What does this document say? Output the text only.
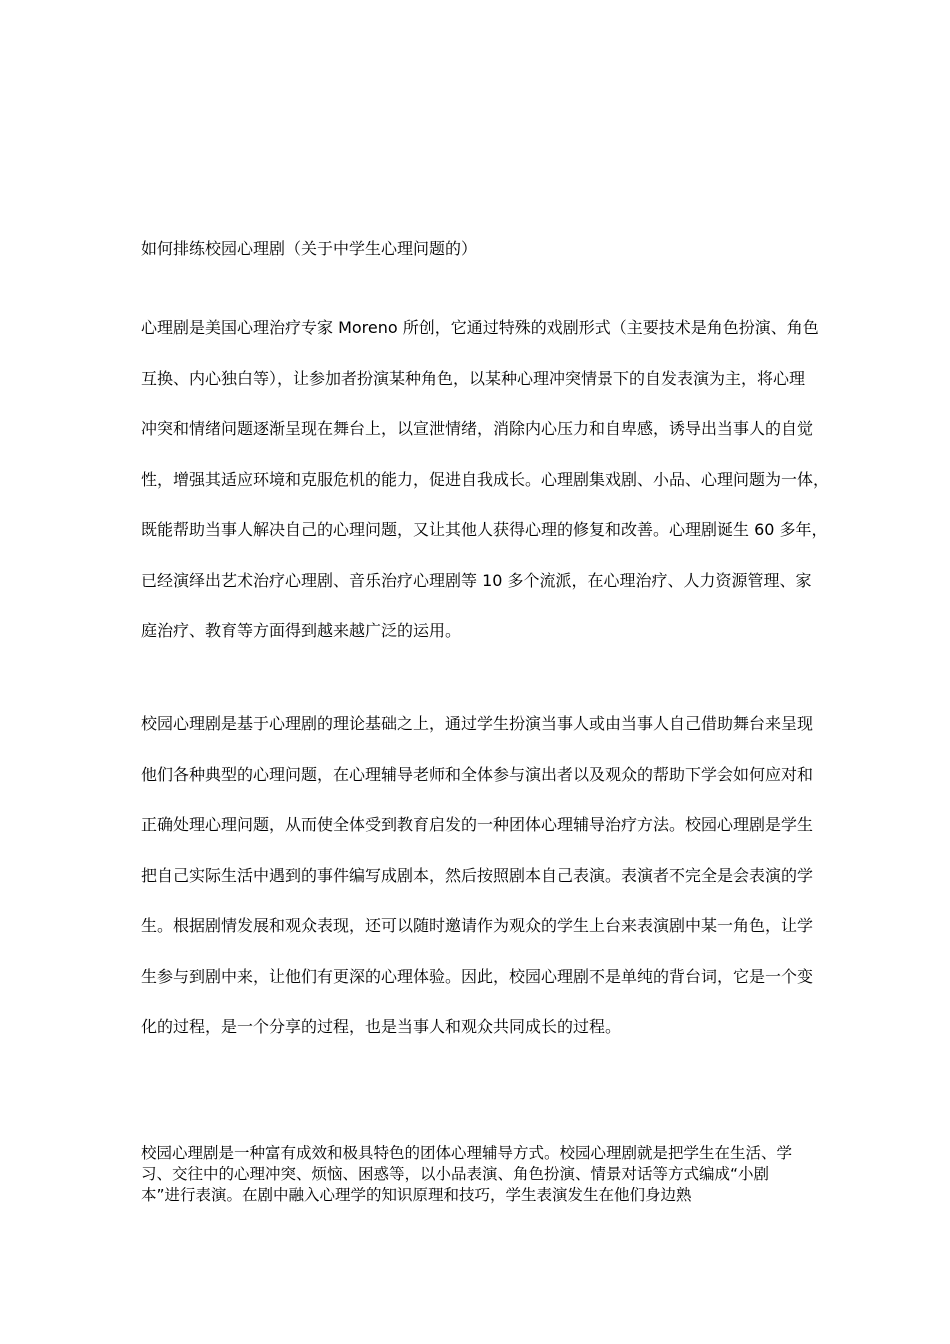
如何排练校园心理剧（关于中学生心理问题的）
心理剧是美国心理治疗专家 Moreno 所创，它通过特殊的戏剧形式（主要技术是角色扮演、角色
互换、内心独白等），让参加者扮演某种角色，以某种心理冲突情景下的自发表演为主，将心理
冲突和情绪问题逐渐呈现在舞台上，以宣泄情绪，消除内心压力和自卑感，诱导出当事人的自觉
性，增强其适应环境和克服危机的能力，促进自我成长。心理剧集戏剧、小品、心理问题为一体，
既能帮助当事人解决自己的心理问题，又让其他人获得心理的修复和改善。心理剧诞生 60 多年，
已经演绎出艺术治疗心理剧、音乐治疗心理剧等 10 多个流派，在心理治疗、人力资源管理、家
庭治疗、教育等方面得到越来越广泛的运用。
校园心理剧是基于心理剧的理论基础之上，通过学生扮演当事人或由当事人自己借助舞台来呈现
他们各种典型的心理问题，在心理辅导老师和全体参与演出者以及观众的帮助下学会如何应对和
正确处理心理问题，从而使全体受到教育启发的一种团体心理辅导治疗方法。校园心理剧是学生
把自己实际生活中遇到的事件编写成剧本，然后按照剧本自己表演。表演者不完全是会表演的学
生。根据剧情发展和观众表现，还可以随时邀请作为观众的学生上台来表演剧中某一角色，让学
生参与到剧中来，让他们有更深的心理体验。因此，校园心理剧不是单纯的背台词，它是一个变
化的过程，是一个分享的过程，也是当事人和观众共同成长的过程。
校园心理剧是一种富有成效和极具特色的团体心理辅导方式。校园心理剧就是把学生在生活、学
习、交往中的心理冲突、烦恼、困惑等，以小品表演、角色扮演、情景对话等方式编成“小剧
本”进行表演。在剧中融入心理学的知识原理和技巧，学生表演发生在他们身边熟
